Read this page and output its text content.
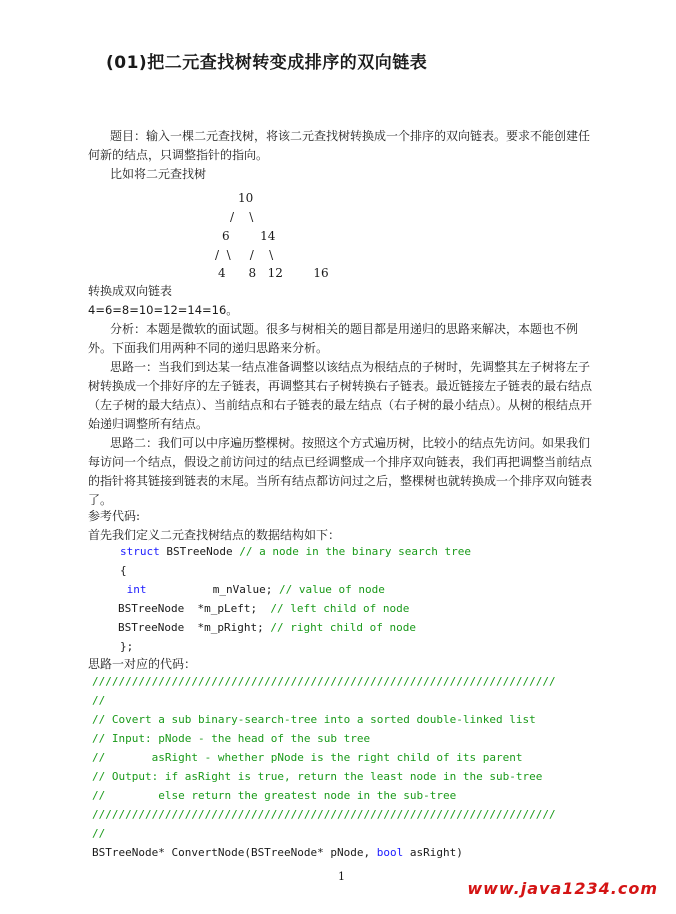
(01)把二元查找树转变成排序的双向链表
题目：输入一棵二元查找树，将该二元查找树转换成一个排序的双向链表。要求不能创建任何新的结点，只调整指针的指向。
比如将二元查找树
10
/    \
6        14
/  \     /    \
4      8   12        16
转换成双向链表
4=6=8=10=12=14=16。
分析：本题是微软的面试题。很多与树相关的题目都是用递归的思路来解决，本题也不例外。下面我们用两种不同的递归思路来分析。
思路一：当我们到达某一结点准备调整以该结点为根结点的子树时，先调整其左子树将左子树转换成一个排好序的左子链表，再调整其右子树转换右子链表。最近链接左子链表的最右结点（左子树的最大结点）、当前结点和右子链表的最左结点（右子树的最小结点）。从树的根结点开始递归调整所有结点。
思路二：我们可以中序遍历整棵树。按照这个方式遍历树，比较小的结点先访问。如果我们每访问一个结点，假设之前访问过的结点已经调整成一个排序双向链表，我们再把调整当前结点的指针将其链接到链表的末尾。当所有结点都访问过之后，整棵树也就转换成一个排序双向链表了。
参考代码:
首先我们定义二元查找树结点的数据结构如下：
struct BSTreeNode // a node in the binary search tree
{
int          m_nValue; // value of node
BSTreeNode  *m_pLeft;  // left child of node
BSTreeNode  *m_pRight; // right child of node
};
思路一对应的代码：
//////////////////////////////////////////////////////////////////////
//
// Covert a sub binary-search-tree into a sorted double-linked list
// Input: pNode - the head of the sub tree
//       asRight - whether pNode is the right child of its parent
// Output: if asRight is true, return the least node in the sub-tree
//        else return the greatest node in the sub-tree
//////////////////////////////////////////////////////////////////////
//
BSTreeNode* ConvertNode(BSTreeNode* pNode, bool asRight)
1
www.java1234.com
